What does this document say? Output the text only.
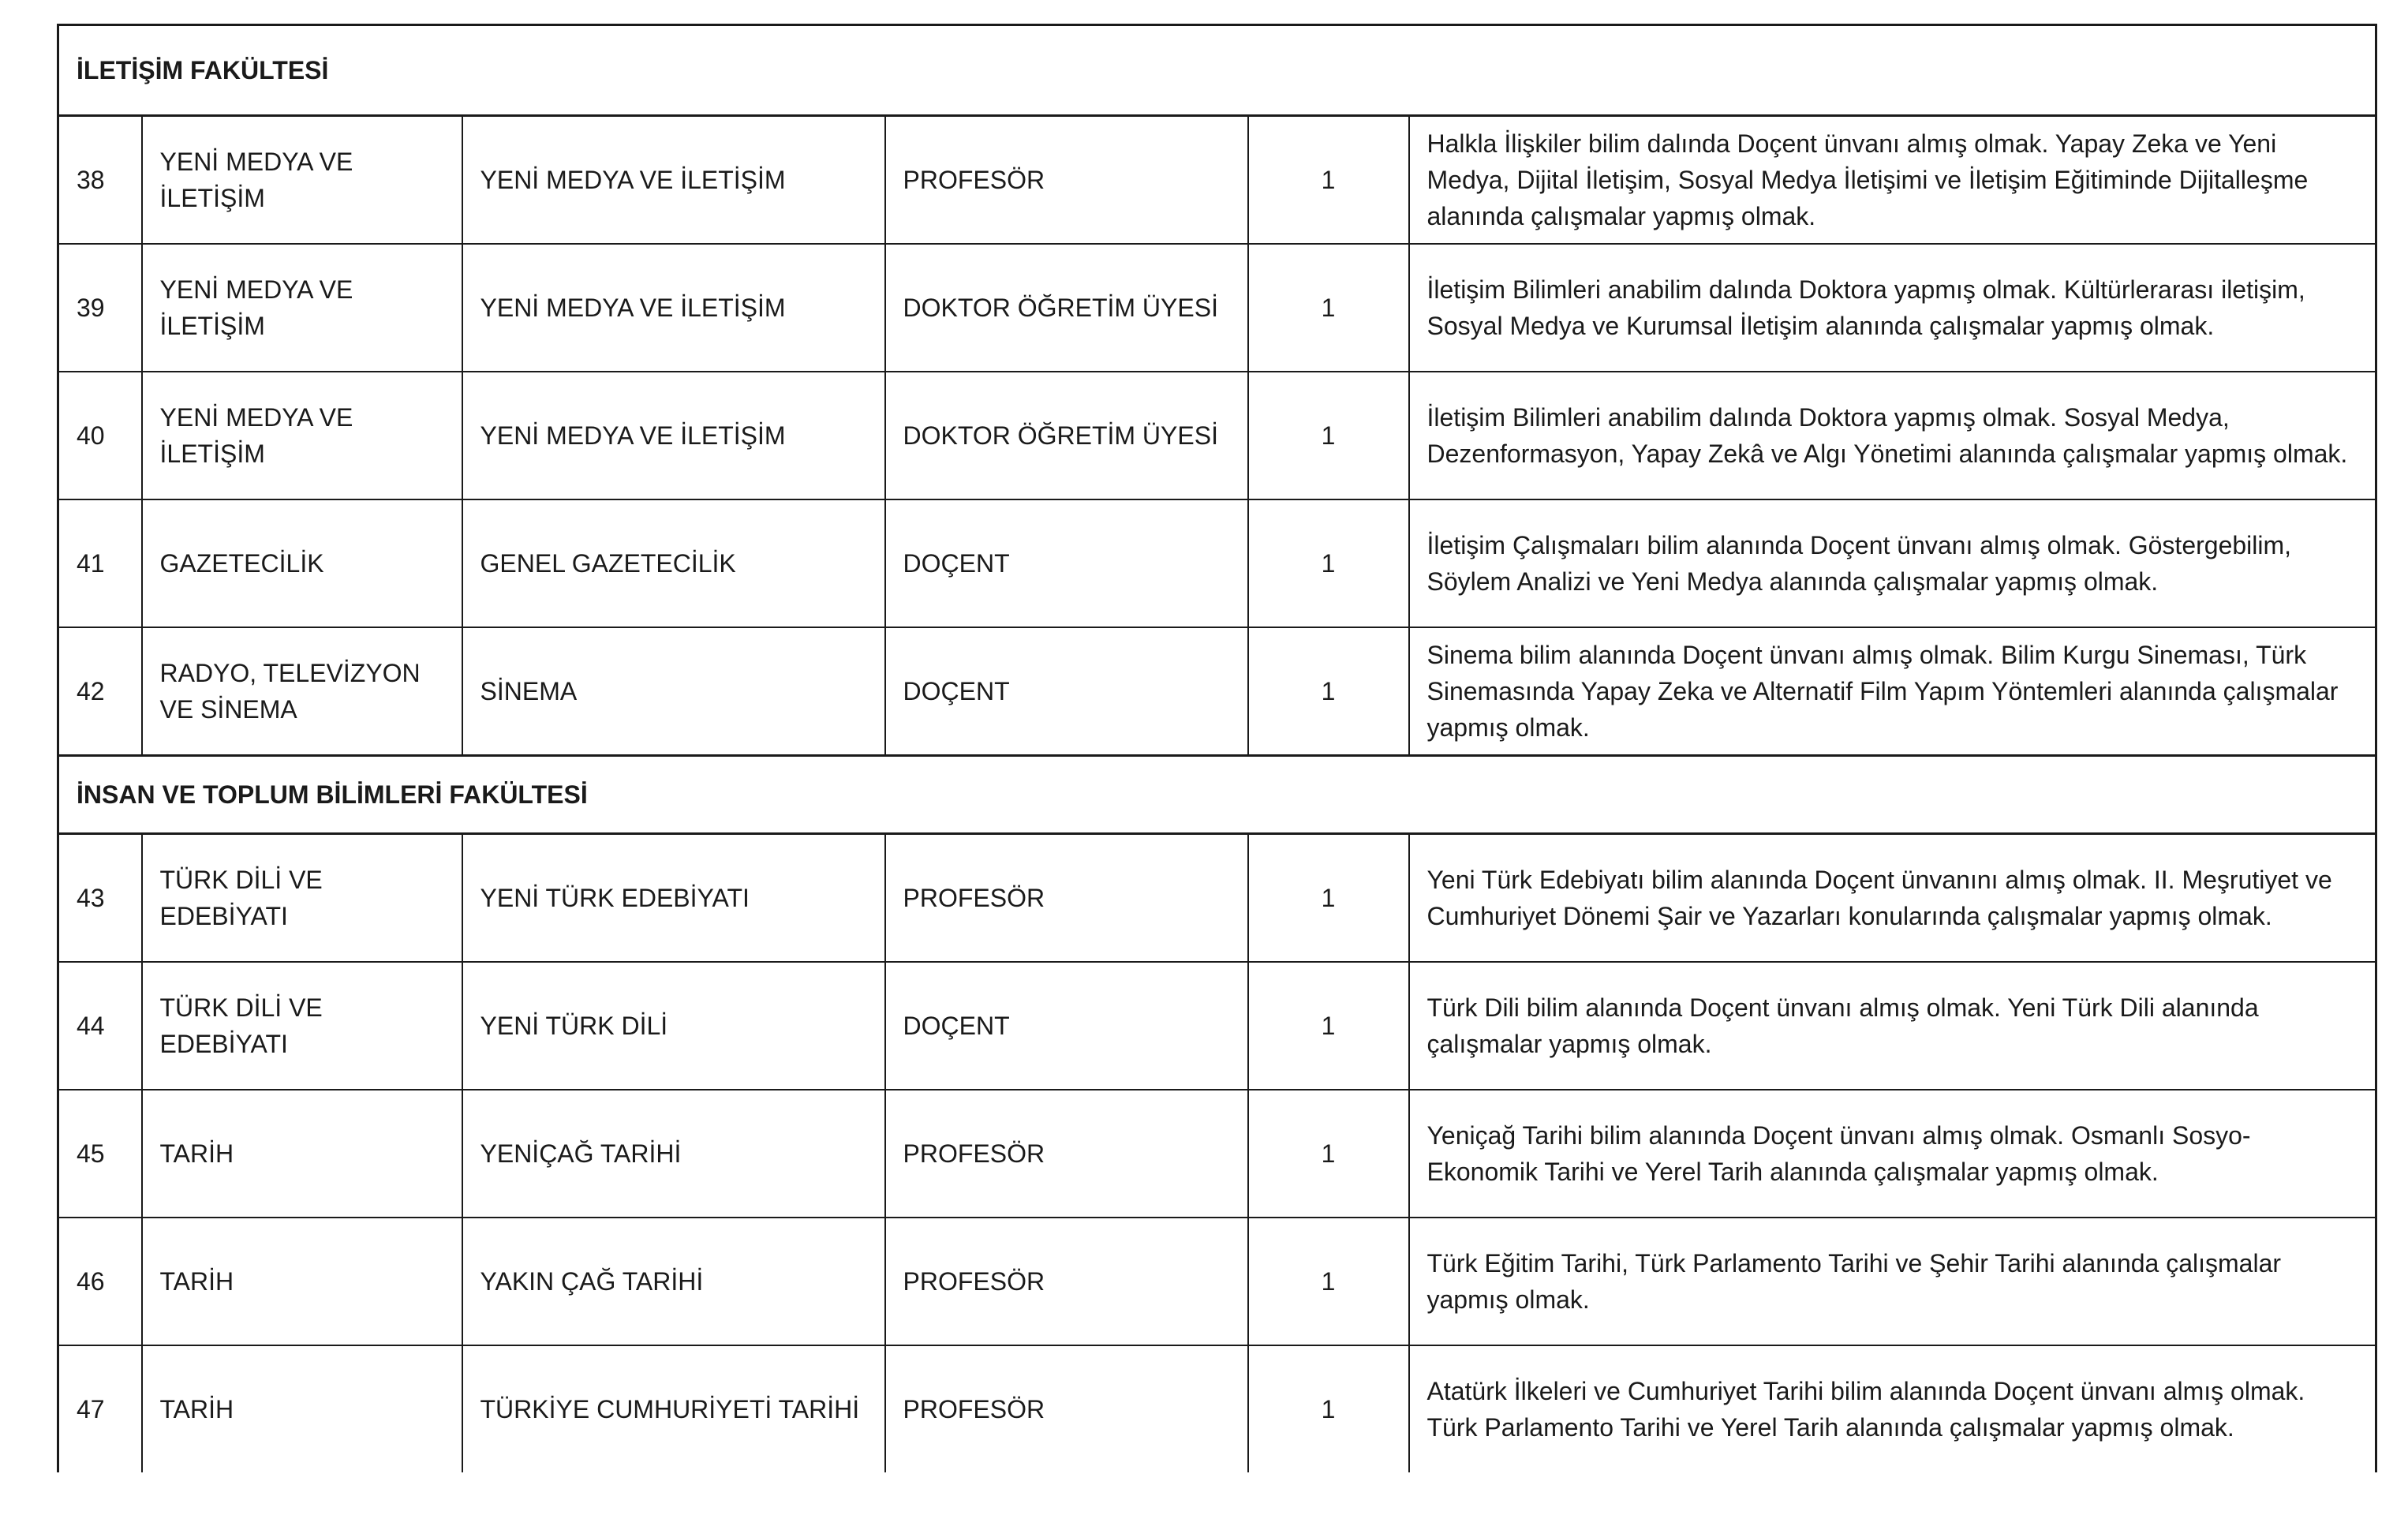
İLETİŞİM FAKÜLTESİ					
38	YENİ MEDYA VE İLETİŞİM	YENİ MEDYA VE İLETİŞİM	PROFESÖR	1	Halkla İlişkiler bilim dalında Doçent ünvanı almış olmak. Yapay Zeka ve Yeni Medya, Dijital İletişim, Sosyal Medya İletişimi ve İletişim Eğitiminde Dijitalleşme alanında çalışmalar yapmış olmak.
39	YENİ MEDYA VE İLETİŞİM	YENİ MEDYA VE İLETİŞİM	DOKTOR ÖĞRETİM ÜYESİ	1	İletişim Bilimleri anabilim dalında Doktora yapmış olmak. Kültürlerarası iletişim, Sosyal Medya ve Kurumsal İletişim alanında çalışmalar yapmış olmak.
40	YENİ MEDYA VE İLETİŞİM	YENİ MEDYA VE İLETİŞİM	DOKTOR ÖĞRETİM ÜYESİ	1	İletişim Bilimleri anabilim dalında Doktora yapmış olmak. Sosyal Medya, Dezenformasyon, Yapay Zekâ ve Algı Yönetimi alanında çalışmalar yapmış olmak.
41	GAZETECİLİK	GENEL GAZETECİLİK	DOÇENT	1	İletişim Çalışmaları bilim alanında Doçent ünvanı almış olmak. Göstergebilim, Söylem Analizi ve Yeni Medya alanında çalışmalar yapmış olmak.
42	RADYO, TELEVİZYON VE SİNEMA	SİNEMA	DOÇENT	1	Sinema bilim alanında Doçent ünvanı almış olmak. Bilim Kurgu Sineması, Türk Sinemasında Yapay Zeka ve Alternatif Film Yapım Yöntemleri alanında çalışmalar yapmış olmak.
İNSAN VE TOPLUM BİLİMLERİ FAKÜLTESİ					
43	TÜRK DİLİ VE EDEBİYATI	YENİ TÜRK EDEBİYATI	PROFESÖR	1	Yeni Türk Edebiyatı bilim alanında Doçent ünvanını almış olmak. II. Meşrutiyet ve Cumhuriyet Dönemi Şair ve Yazarları konularında çalışmalar yapmış olmak.
44	TÜRK DİLİ VE EDEBİYATI	YENİ TÜRK DİLİ	DOÇENT	1	Türk Dili bilim alanında Doçent ünvanı almış olmak. Yeni Türk Dili alanında çalışmalar yapmış olmak.
45	TARİH	YENİÇAĞ TARİHİ	PROFESÖR	1	Yeniçağ Tarihi bilim alanında Doçent ünvanı almış olmak. Osmanlı Sosyo-Ekonomik Tarihi ve Yerel Tarih alanında çalışmalar yapmış olmak.
46	TARİH	YAKIN ÇAĞ TARİHİ	PROFESÖR	1	Türk Eğitim Tarihi, Türk Parlamento Tarihi ve Şehir Tarihi alanında çalışmalar yapmış olmak.
47	TARİH	TÜRKİYE CUMHURİYETİ TARİHİ	PROFESÖR	1	Atatürk İlkeleri ve Cumhuriyet Tarihi bilim alanında Doçent ünvanı almış olmak. Türk Parlamento Tarihi ve Yerel Tarih alanında çalışmalar yapmış olmak.
